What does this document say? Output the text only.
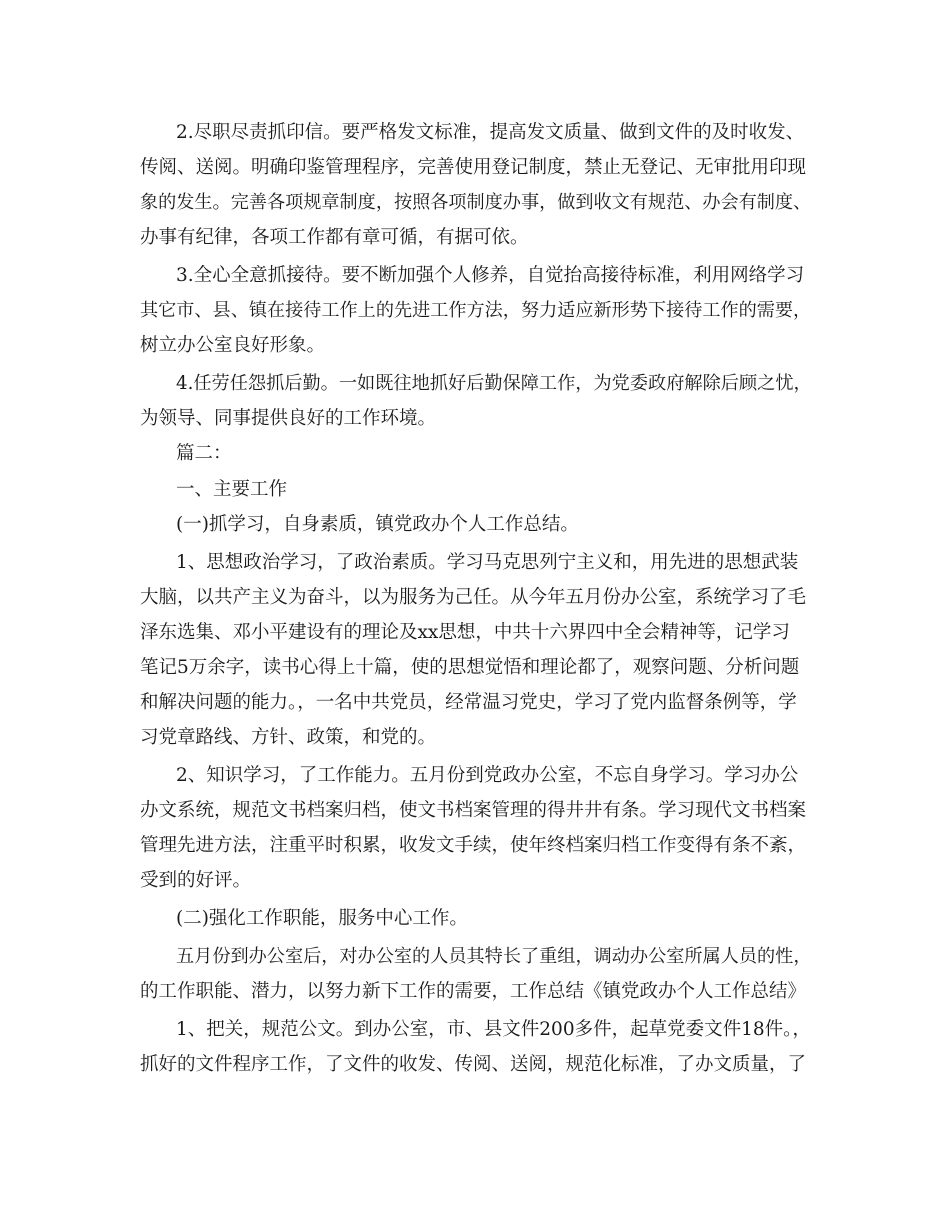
2.尽职尽责抓印信。要严格发文标准，提高发文质量、做到文件的及时收发、
传阅、送阅。明确印鉴管理程序，完善使用登记制度，禁止无登记、无审批用印现
象的发生。完善各项规章制度，按照各项制度办事，做到收文有规范、办会有制度、
办事有纪律，各项工作都有章可循，有据可依。
3.全心全意抓接待。要不断加强个人修养，自觉抬高接待标准，利用网络学习
其它市、县、镇在接待工作上的先进工作方法，努力适应新形势下接待工作的需要，
树立办公室良好形象。
4.任劳任怨抓后勤。一如既往地抓好后勤保障工作，为党委政府解除后顾之忧，
为领导、同事提供良好的工作环境。
篇二：
一、主要工作
(一)抓学习，自身素质，镇党政办个人工作总结。
1、思想政治学习，了政治素质。学习马克思列宁主义和，用先进的思想武装
大脑，以共产主义为奋斗，以为服务为己任。从今年五月份办公室，系统学习了毛
泽东选集、邓小平建设有的理论及xx思想，中共十六界四中全会精神等，记学习
笔记5万余字，读书心得上十篇，使的思想觉悟和理论都了，观察问题、分析问题
和解决问题的能力。，一名中共党员，经常温习党史，学习了党内监督条例等，学
习党章路线、方针、政策，和党的。
2、知识学习，了工作能力。五月份到党政办公室，不忘自身学习。学习办公
办文系统，规范文书档案归档，使文书档案管理的得井井有条。学习现代文书档案
管理先进方法，注重平时积累，收发文手续，使年终档案归档工作变得有条不紊，
受到的好评。
(二)强化工作职能，服务中心工作。
五月份到办公室后，对办公室的人员其特长了重组，调动办公室所属人员的性，
的工作职能、潜力，以努力新下工作的需要，工作总结《镇党政办个人工作总结》
1、把关，规范公文。到办公室，市、县文件200多件，起草党委文件18件。，
抓好的文件程序工作，了文件的收发、传阅、送阅，规范化标准，了办文质量，了
